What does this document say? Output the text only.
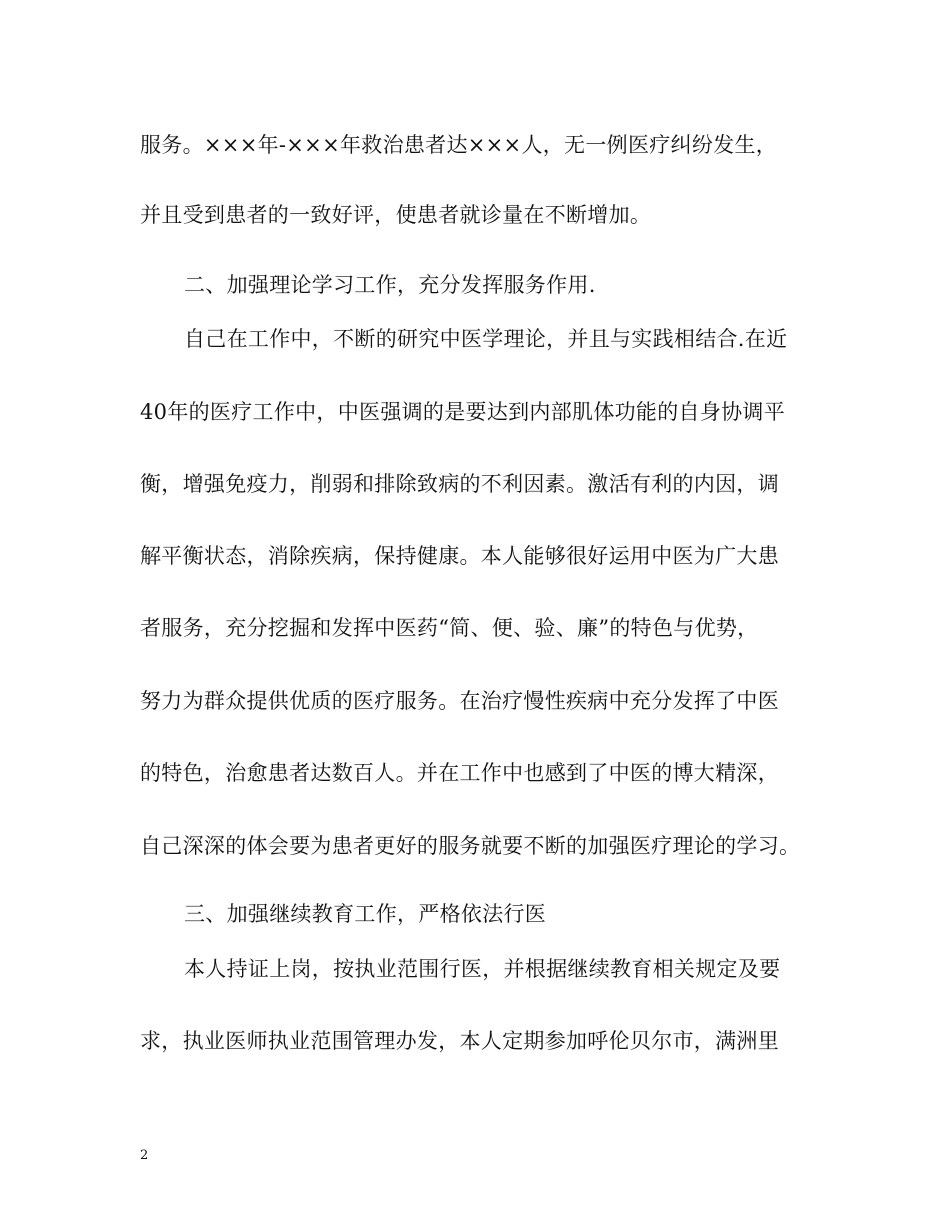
服务。×××年-×××年救治患者达×××人，无一例医疗纠纷发生，
并且受到患者的一致好评，使患者就诊量在不断增加。
二、加强理论学习工作，充分发挥服务作用.
自己在工作中，不断的研究中医学理论，并且与实践相结合.在近
40年的医疗工作中，中医强调的是要达到内部肌体功能的自身协调平
衡，增强免疫力，削弱和排除致病的不利因素。激活有利的内因，调
解平衡状态，消除疾病，保持健康。本人能够很好运用中医为广大患
者服务，充分挖掘和发挥中医药“简、便、验、廉”的特色与优势，
努力为群众提供优质的医疗服务。在治疗慢性疾病中充分发挥了中医
的特色，治愈患者达数百人。并在工作中也感到了中医的博大精深，
自己深深的体会要为患者更好的服务就要不断的加强医疗理论的学习。
三、加强继续教育工作，严格依法行医
本人持证上岗，按执业范围行医，并根据继续教育相关规定及要
求，执业医师执业范围管理办发，本人定期参加呼伦贝尔市，满洲里
2
